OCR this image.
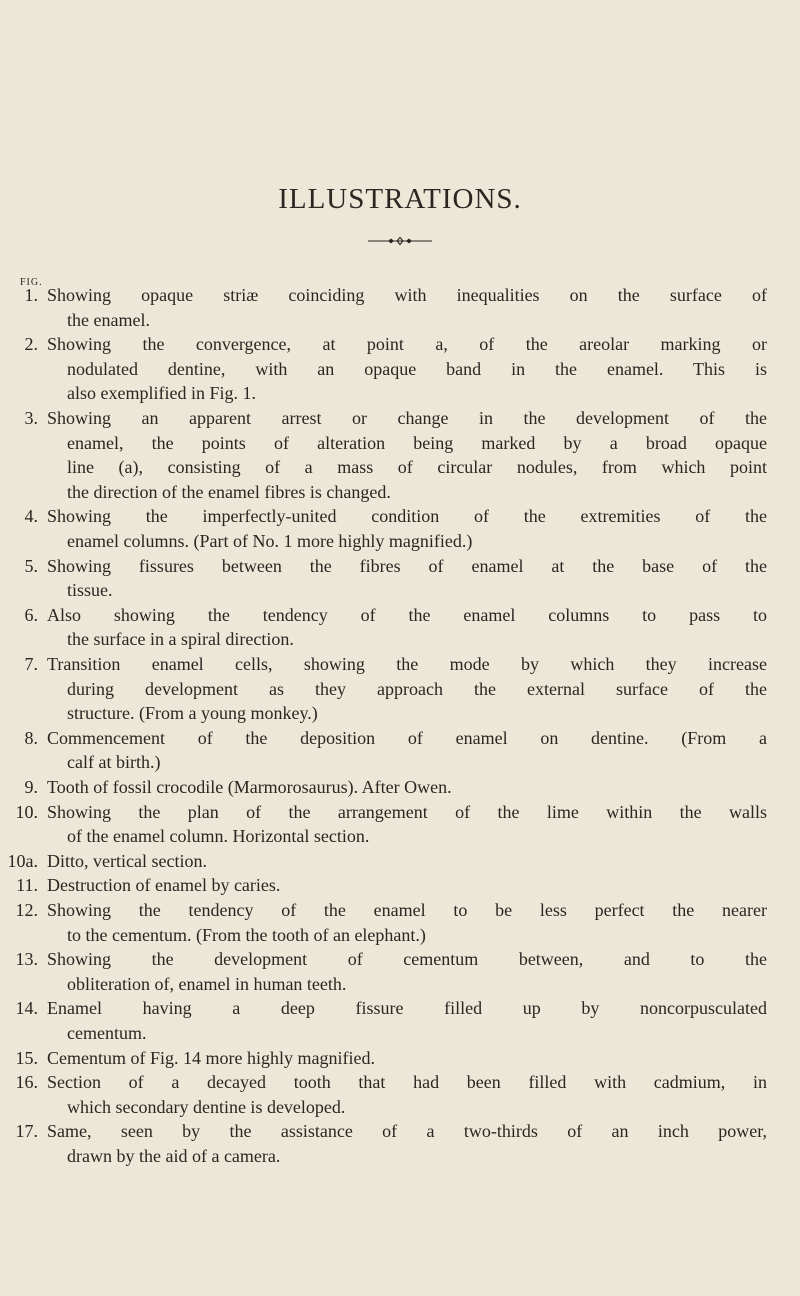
ILLUSTRATIONS.
FIG.
1. Showing opaque striæ coinciding with inequalities on the surface of
the enamel.
2. Showing the convergence, at point a, of the areolar marking or
nodulated dentine, with an opaque band in the enamel. This is
also exemplified in Fig. 1.
3. Showing an apparent arrest or change in the development of the
enamel, the points of alteration being marked by a broad opaque
line (a), consisting of a mass of circular nodules, from which point
the direction of the enamel fibres is changed.
4. Showing the imperfectly-united condition of the extremities of the
enamel columns. (Part of No. 1 more highly magnified.)
5. Showing fissures between the fibres of enamel at the base of the
tissue.
6. Also showing the tendency of the enamel columns to pass to
the surface in a spiral direction.
7. Transition enamel cells, showing the mode by which they increase
during development as they approach the external surface of the
structure. (From a young monkey.)
8. Commencement of the deposition of enamel on dentine. (From a
calf at birth.)
9. Tooth of fossil crocodile (Marmorosaurus). After Owen.
10. Showing the plan of the arrangement of the lime within the walls
of the enamel column. Horizontal section.
10a. Ditto, vertical section.
11. Destruction of enamel by caries.
12. Showing the tendency of the enamel to be less perfect the nearer
to the cementum. (From the tooth of an elephant.)
13. Showing the development of cementum between, and to the
obliteration of, enamel in human teeth.
14. Enamel having a deep fissure filled up by noncorpusculated
cementum.
15. Cementum of Fig. 14 more highly magnified.
16. Section of a decayed tooth that had been filled with cadmium, in
which secondary dentine is developed.
17. Same, seen by the assistance of a two-thirds of an inch power,
drawn by the aid of a camera.
